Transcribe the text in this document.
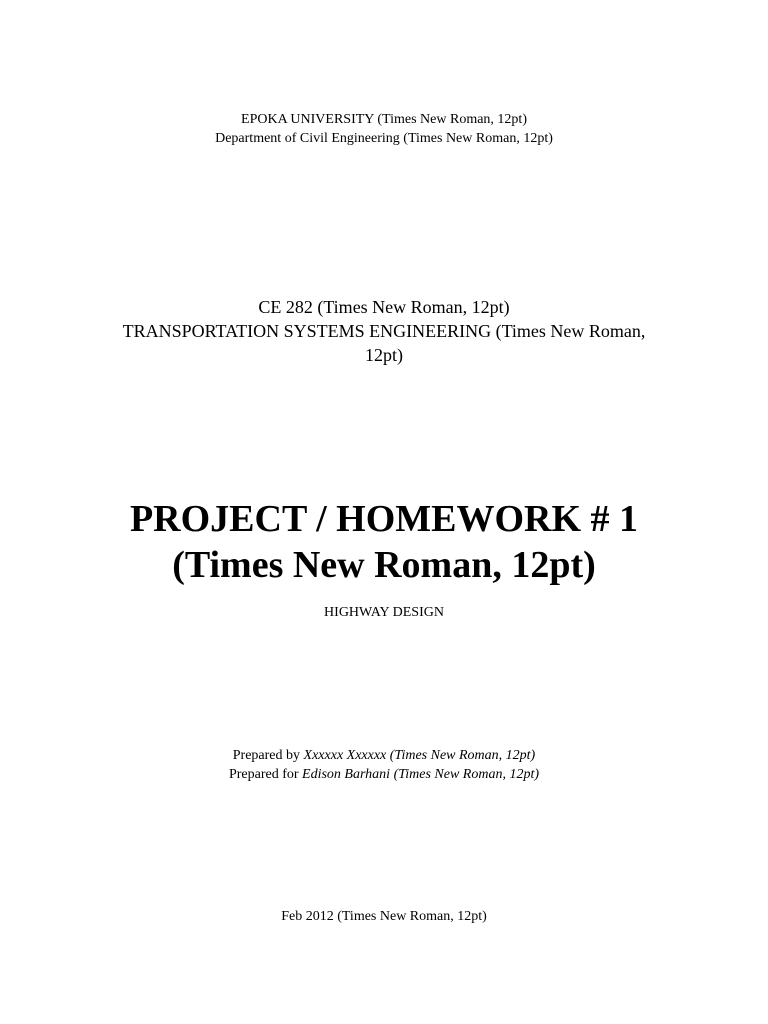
EPOKA UNIVERSITY (Times New Roman, 12pt)
Department of Civil Engineering (Times New Roman, 12pt)
CE 282 (Times New Roman, 12pt)
TRANSPORTATION SYSTEMS ENGINEERING (Times New Roman, 12pt)
PROJECT / HOMEWORK # 1
(Times New Roman, 12pt)
HIGHWAY DESIGN
Prepared by Xxxxxx Xxxxxx (Times New Roman, 12pt)
Prepared for Edison Barhani (Times New Roman, 12pt)
Feb 2012 (Times New Roman, 12pt)
